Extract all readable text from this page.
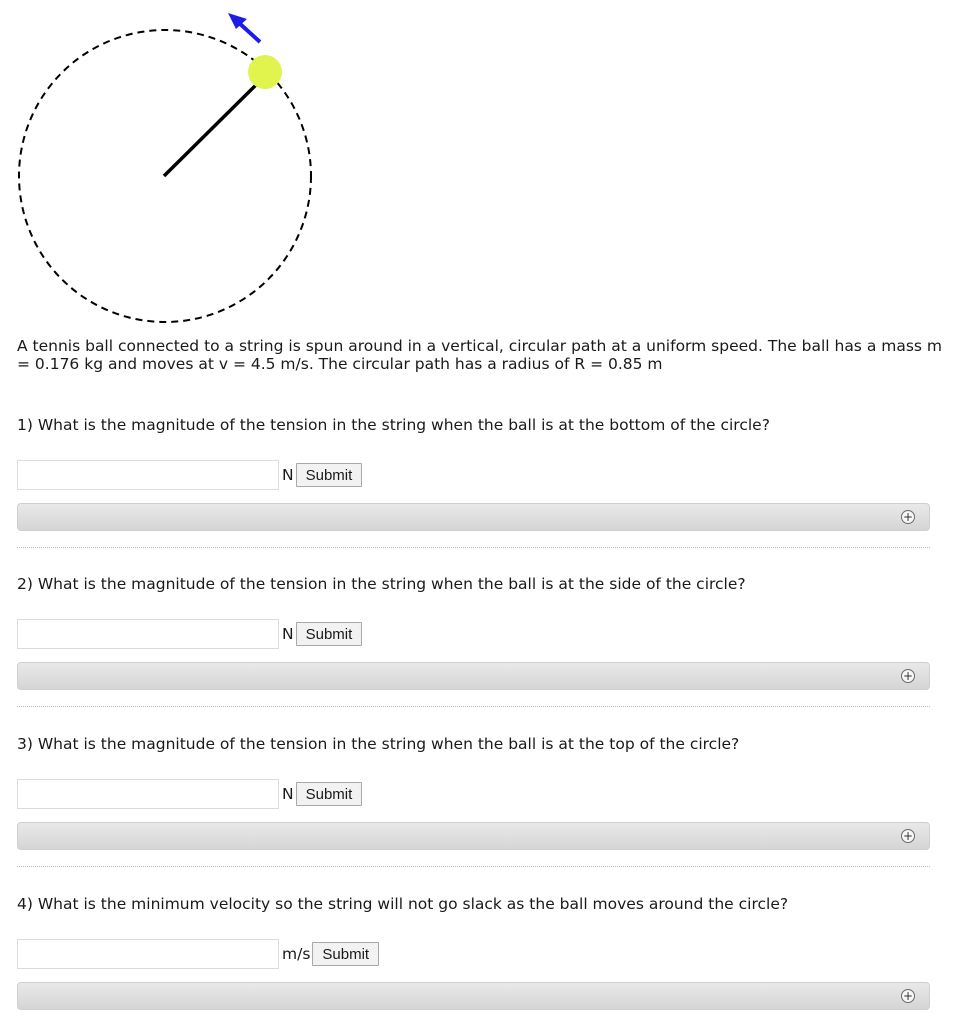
A tennis ball connected to a string is spun around in a vertical, circular path at a uniform speed. The ball has a mass m = 0.176 kg and moves at v = 4.5 m/s. The circular path has a radius of R = 0.85 m
1) What is the magnitude of the tension in the string when the ball is at the bottom of the circle?
N Submit
+
2) What is the magnitude of the tension in the string when the ball is at the side of the circle?
N Submit
+
3) What is the magnitude of the tension in the string when the ball is at the top of the circle?
N Submit
+
4) What is the minimum velocity so the string will not go slack as the ball moves around the circle?
m/s Submit
+
